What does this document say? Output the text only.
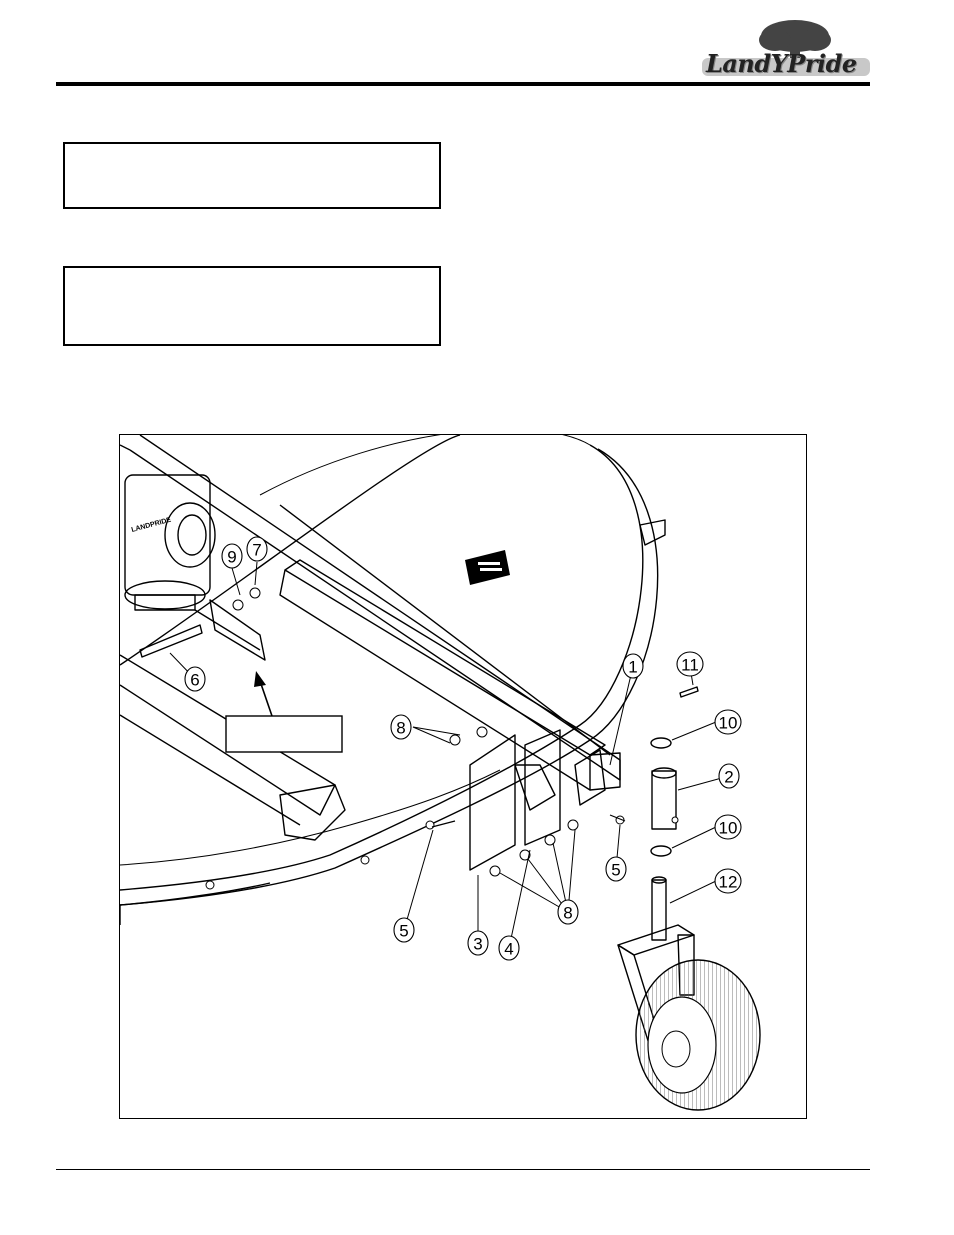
LandYPride
LANDPRIDE
1
2
3 4
5
5
6
7
8
8
9
10
10
11
12
